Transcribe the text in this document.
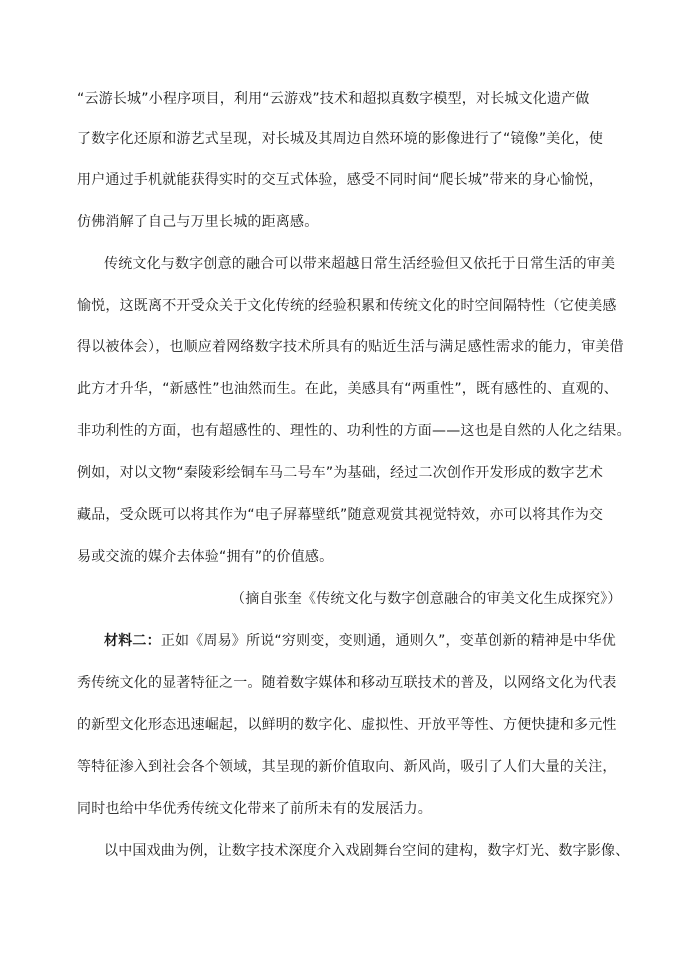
“云游长城”小程序项目，利用“云游戏”技术和超拟真数字模型，对长城文化遗产做
了数字化还原和游艺式呈现，对长城及其周边自然环境的影像进行了“镜像”美化，使
用户通过手机就能获得实时的交互式体验，感受不同时间“爬长城”带来的身心愉悦，
仿佛消解了自己与万里长城的距离感。
传统文化与数字创意的融合可以带来超越日常生活经验但又依托于日常生活的审美
愉悦，这既离不开受众关于文化传统的经验积累和传统文化的时空间隔特性（它使美感
得以被体会），也顺应着网络数字技术所具有的贴近生活与满足感性需求的能力，审美借
此方才升华，“新感性”也油然而生。在此，美感具有“两重性”，既有感性的、直观的、
非功利性的方面，也有超感性的、理性的、功利性的方面——这也是自然的人化之结果。
例如，对以文物“秦陵彩绘铜车马二号车”为基础，经过二次创作开发形成的数字艺术
藏品，受众既可以将其作为“电子屏幕壁纸”随意观赏其视觉特效，亦可以将其作为交
易或交流的媒介去体验“拥有”的价值感。
（摘自张奎《传统文化与数字创意融合的审美文化生成探究》）
材料二：正如《周易》所说“穷则变，变则通，通则久”，变革创新的精神是中华优
秀传统文化的显著特征之一。随着数字媒体和移动互联技术的普及，以网络文化为代表
的新型文化形态迅速崛起，以鲜明的数字化、虚拟性、开放平等性、方便快捷和多元性
等特征渗入到社会各个领域，其呈现的新价值取向、新风尚，吸引了人们大量的关注，
同时也给中华优秀传统文化带来了前所未有的发展活力。
以中国戏曲为例，让数字技术深度介入戏剧舞台空间的建构，数字灯光、数字影像、
